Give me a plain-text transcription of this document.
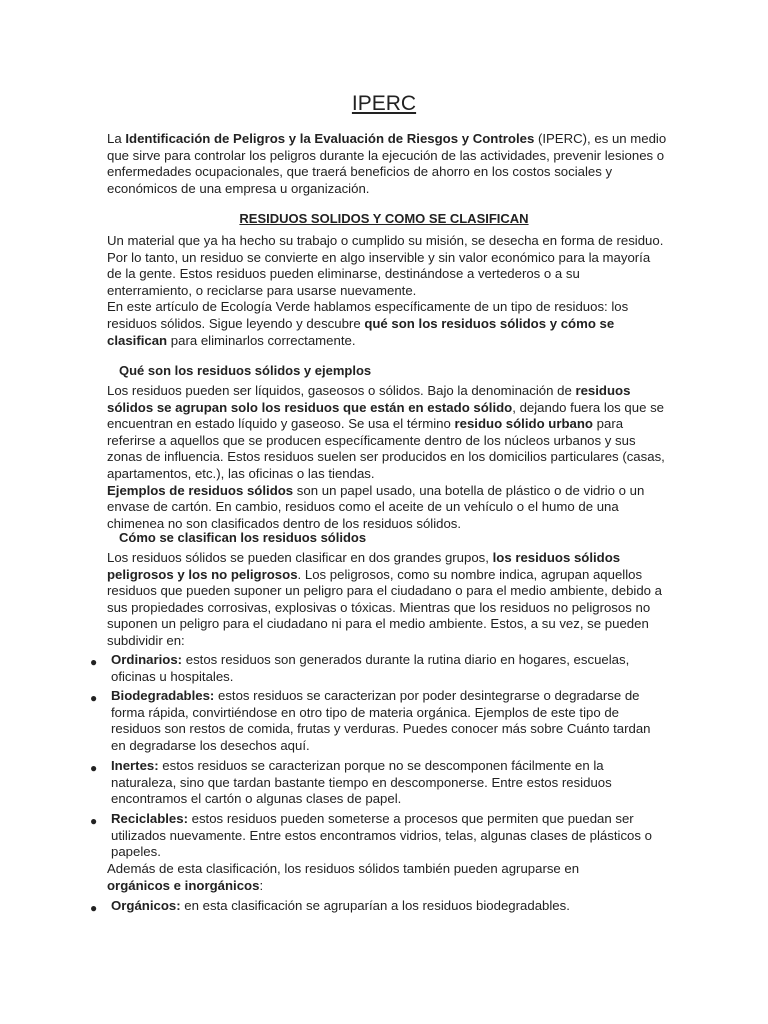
IPERC

La Identificación de Peligros y la Evaluación de Riesgos y Controles (IPERC), es un medio que sirve para controlar los peligros durante la ejecución de las actividades, prevenir lesiones o enfermedades ocupacionales, que traerá beneficios de ahorro en los costos sociales y económicos de una empresa u organización.

RESIDUOS SOLIDOS Y COMO SE CLASIFICAN

Un material que ya ha hecho su trabajo o cumplido su misión, se desecha en forma de residuo. Por lo tanto, un residuo se convierte en algo inservible y sin valor económico para la mayoría de la gente. Estos residuos pueden eliminarse, destinándose a vertederos o a su enterramiento, o reciclarse para usarse nuevamente.
En este artículo de Ecología Verde hablamos específicamente de un tipo de residuos: los residuos sólidos. Sigue leyendo y descubre qué son los residuos sólidos y cómo se clasifican para eliminarlos correctamente.

Qué son los residuos sólidos y ejemplos

Los residuos pueden ser líquidos, gaseosos o sólidos. Bajo la denominación de residuos sólidos se agrupan solo los residuos que están en estado sólido, dejando fuera los que se encuentran en estado líquido y gaseoso. Se usa el término residuo sólido urbano para referirse a aquellos que se producen específicamente dentro de los núcleos urbanos y sus zonas de influencia. Estos residuos suelen ser producidos en los domicilios particulares (casas, apartamentos, etc.), las oficinas o las tiendas.
Ejemplos de residuos sólidos son un papel usado, una botella de plástico o de vidrio o un envase de cartón. En cambio, residuos como el aceite de un vehículo o el humo de una chimenea no son clasificados dentro de los residuos sólidos.

Cómo se clasifican los residuos sólidos

Los residuos sólidos se pueden clasificar en dos grandes grupos, los residuos sólidos peligrosos y los no peligrosos. Los peligrosos, como su nombre indica, agrupan aquellos residuos que pueden suponer un peligro para el ciudadano o para el medio ambiente, debido a sus propiedades corrosivas, explosivas o tóxicas. Mientras que los residuos no peligrosos no suponen un peligro para el ciudadano ni para el medio ambiente. Estos, a su vez, se pueden subdividir en:

● Ordinarios: estos residuos son generados durante la rutina diario en hogares, escuelas, oficinas u hospitales.

● Biodegradables: estos residuos se caracterizan por poder desintegrarse o degradarse de forma rápida, convirtiéndose en otro tipo de materia orgánica. Ejemplos de este tipo de residuos son restos de comida, frutas y verduras. Puedes conocer más sobre Cuánto tardan en degradarse los desechos aquí.

● Inertes: estos residuos se caracterizan porque no se descomponen fácilmente en la naturaleza, sino que tardan bastante tiempo en descomponerse. Entre estos residuos encontramos el cartón o algunas clases de papel.

● Reciclables: estos residuos pueden someterse a procesos que permiten que puedan ser utilizados nuevamente. Entre estos encontramos vidrios, telas, algunas clases de plásticos o papeles.

Además de esta clasificación, los residuos sólidos también pueden agruparse en orgánicos e inorgánicos:

● Orgánicos: en esta clasificación se agruparían a los residuos biodegradables.
